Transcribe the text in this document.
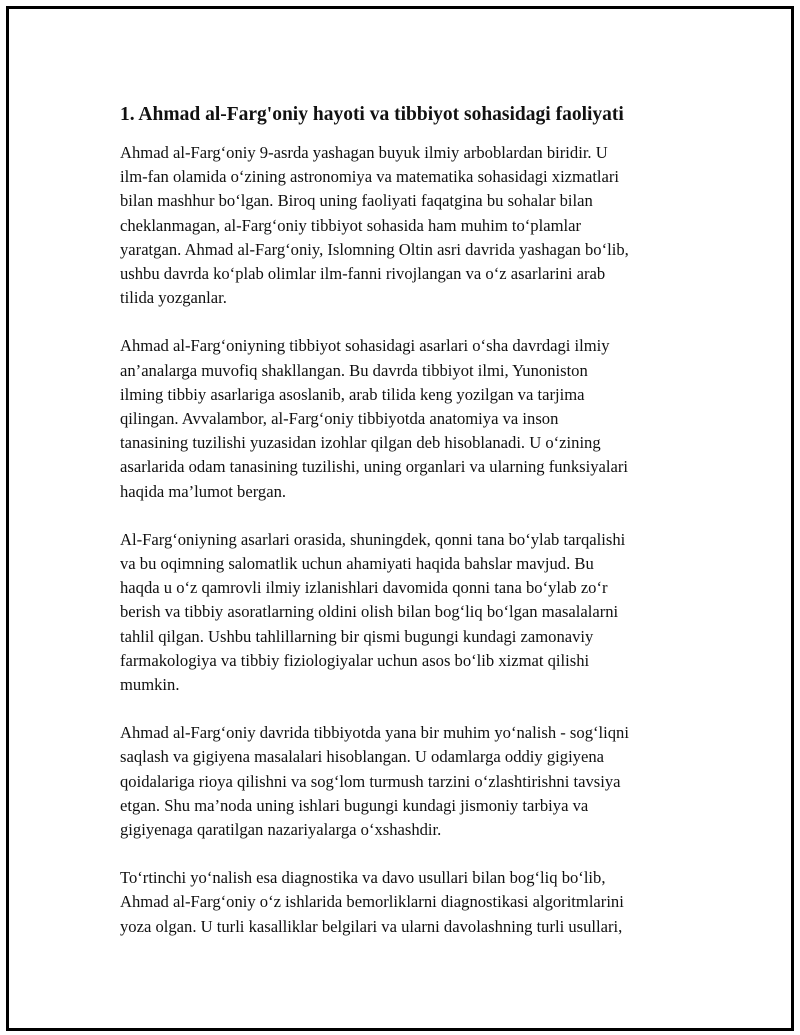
1. Ahmad al-Farg'oniy hayoti va tibbiyot sohasidagi faoliyati
Ahmad al-Farg‘oniy 9-asrda yashagan buyuk ilmiy arboblardan biridir. U
ilm-fan olamida o‘zining astronomiya va matematika sohasidagi xizmatlari
bilan mashhur bo‘lgan. Biroq uning faoliyati faqatgina bu sohalar bilan
cheklanmagan, al-Farg‘oniy tibbiyot sohasida ham muhim to‘plamlar
yaratgan. Ahmad al-Farg‘oniy, Islomning Oltin asri davrida yashagan bo‘lib,
ushbu davrda ko‘plab olimlar ilm-fanni rivojlangan va o‘z asarlarini arab
tilida yozganlar.
Ahmad al-Farg‘oniyning tibbiyot sohasidagi asarlari o‘sha davrdagi ilmiy
an’analarga muvofiq shakllangan. Bu davrda tibbiyot ilmi, Yunoniston
ilming tibbiy asarlariga asoslanib, arab tilida keng yozilgan va tarjima
qilingan. Avvalambor, al-Farg‘oniy tibbiyotda anatomiya va inson
tanasining tuzilishi yuzasidan izohlar qilgan deb hisoblanadi. U o‘zining
asarlarida odam tanasining tuzilishi, uning organlari va ularning funksiyalari
haqida ma’lumot bergan.
Al-Farg‘oniyning asarlari orasida, shuningdek, qonni tana bo‘ylab tarqalishi
va bu oqimning salomatlik uchun ahamiyati haqida bahslar mavjud. Bu
haqda u o‘z qamrovli ilmiy izlanishlari davomida qonni tana bo‘ylab zo‘r
berish va tibbiy asoratlarning oldini olish bilan bog‘liq bo‘lgan masalalarni
tahlil qilgan. Ushbu tahlillarning bir qismi bugungi kundagi zamonaviy
farmakologiya va tibbiy fiziologiyalar uchun asos bo‘lib xizmat qilishi
mumkin.
Ahmad al-Farg‘oniy davrida tibbiyotda yana bir muhim yo‘nalish - sog‘liqni
saqlash va gigiyena masalalari hisoblangan. U odamlarga oddiy gigiyena
qoidalariga rioya qilishni va sog‘lom turmush tarzini o‘zlashtirishni tavsiya
etgan. Shu ma’noda uning ishlari bugungi kundagi jismoniy tarbiya va
gigiyenaga qaratilgan nazariyalarga o‘xshashdir.
To‘rtinchi yo‘nalish esa diagnostika va davo usullari bilan bog‘liq bo‘lib,
Ahmad al-Farg‘oniy o‘z ishlarida bemorliklarni diagnostikasi algoritmlarini
yoza olgan. U turli kasalliklar belgilari va ularni davolashning turli usullari,
